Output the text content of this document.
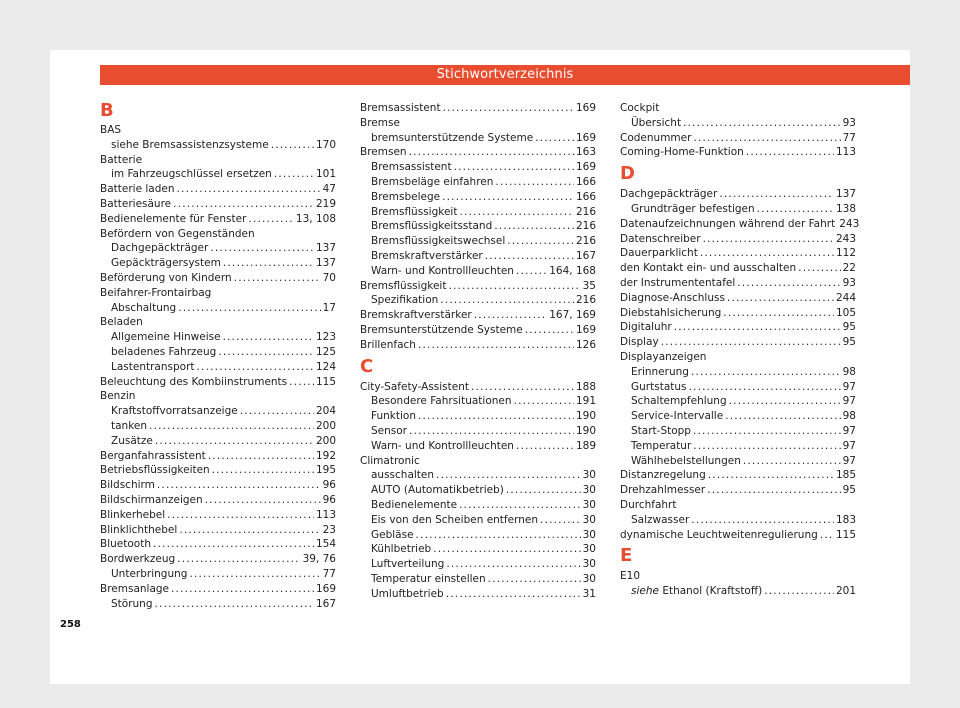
Stichwortverzeichnis
B
BAS
siehe Bremsassistenzsysteme .....	170
Batterie
im Fahrzeugschlüssel ersetzen .....	101
Batterie laden .....	47
Batteriesäure .....	219
Bedienelemente für Fenster .....	13, 108
Befördern von Gegenständen
Dachgepäckträger .....	137
Gepäckträgersystem .....	137
Beförderung von Kindern .....	70
Beifahrer-Frontairbag
Abschaltung .....	17
Beladen
Allgemeine Hinweise .....	123
beladenes Fahrzeug .....	125
Lastentransport .....	124
Beleuchtung des Kombiinstruments .....	115
Benzin
Kraftstoffvorratsanzeige .....	204
tanken .....	200
Zusätze .....	200
Berganfahrassistent .....	192
Betriebsflüssigkeiten .....	195
Bildschirm .....	96
Bildschirmanzeigen .....	96
Blinkerhebel .....	113
Blinklichthebel .....	23
Bluetooth .....	154
Bordwerkzeug .....	39, 76
Unterbringung .....	77
Bremsanlage .....	169
Störung .....	167
Bremsassistent .....	169
Bremse
bremsunterstützende Systeme .....	169
Bremsen .....	163
Bremsassistent .....	169
Bremsbeläge einfahren .....	166
Bremsbelege .....	166
Bremsflüssigkeit .....	216
Bremsflüssigkeitsstand .....	216
Bremsflüssigkeitswechsel .....	216
Bremskraftverstärker .....	167
Warn- und Kontrollleuchten .....	164, 168
Bremsflüssigkeit .....	35
Spezifikation .....	216
Bremskraftverstärker .....	167, 169
Bremsunterstützende Systeme .....	169
Brillenfach .....	126
C
City-Safety-Assistent .....	188
Besondere Fahrsituationen .....	191
Funktion .....	190
Sensor .....	190
Warn- und Kontrollleuchten .....	189
Climatronic
ausschalten .....	30
AUTO (Automatikbetrieb) .....	30
Bedienelemente .....	30
Eis von den Scheiben entfernen .....	30
Gebläse .....	30
Kühlbetrieb .....	30
Luftverteilung .....	30
Temperatur einstellen .....	30
Umluftbetrieb .....	31
Cockpit
Übersicht .....	93
Codenummer .....	77
Coming-Home-Funktion .....	113
D
Dachgepäckträger .....	137
Grundträger befestigen .....	138
Datenaufzeichnungen während der Fahrt 243
Datenschreiber .....	243
Dauerparklicht .....	112
den Kontakt ein- und ausschalten .....	22
der Instrumententafel .....	93
Diagnose-Anschluss .....	244
Diebstahlsicherung .....	105
Digitaluhr .....	95
Display .....	95
Displayanzeigen
Erinnerung .....	98
Gurtstatus .....	97
Schaltempfehlung .....	97
Service-Intervalle .....	98
Start-Stopp .....	97
Temperatur .....	97
Wählhebelstellungen .....	97
Distanzregelung .....	185
Drehzahlmesser .....	95
Durchfahrt
Salzwasser .....	183
dynamische Leuchtweitenregulierung ..... 115
E
E10
siehe
Ethanol (Kraftstoff) .....	201
258
